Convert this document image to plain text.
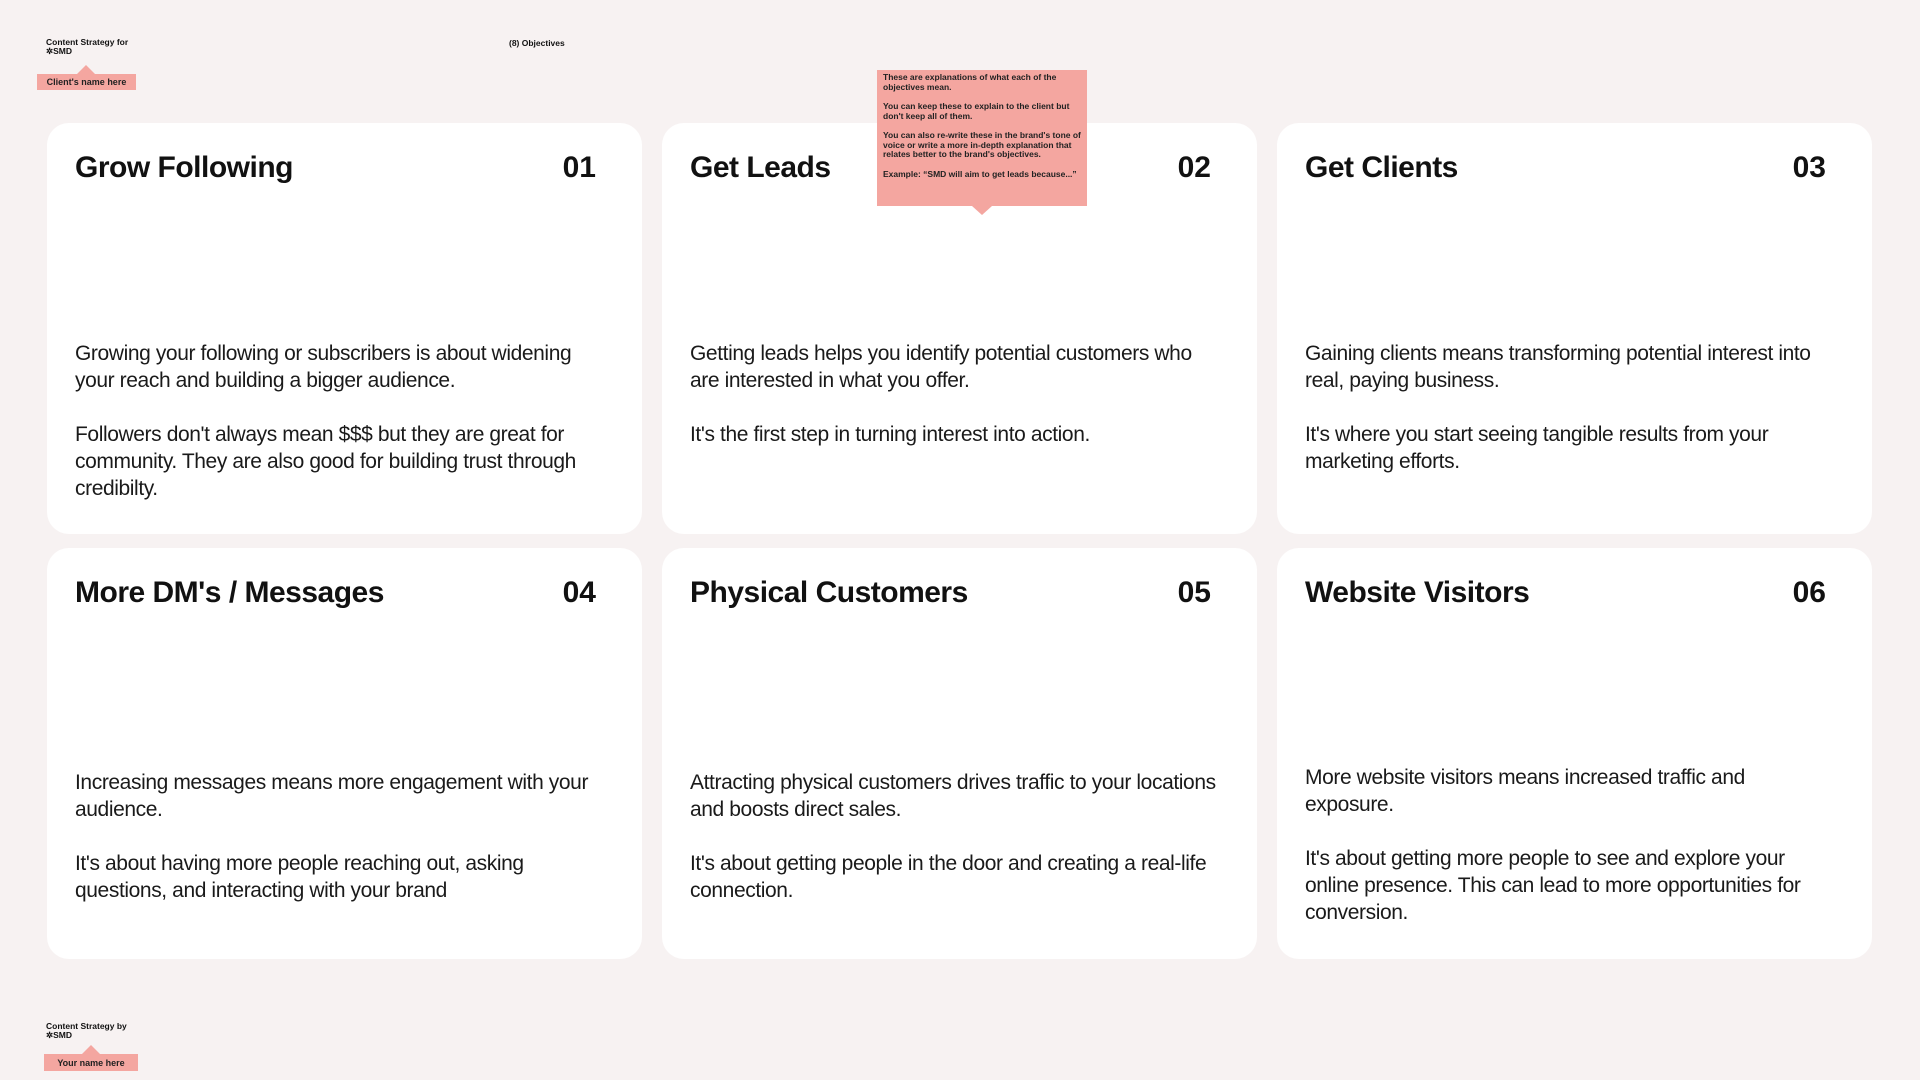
Content Strategy for
✲SMD
Client's name here
(8) Objectives
Grow Following	01

Growing your following or subscribers is about widening your reach and building a bigger audience.

Followers don't always mean $$$ but they are great for community. They are also good for building trust through credibilty.

Get Leads	02

Getting leads helps you identify potential customers who are interested in what you offer.

It's the first step in turning interest into action.

Get Clients	03

Gaining clients means transforming potential interest into real, paying business.

It's where you start seeing tangible results from your marketing efforts.

More DM's / Messages	04

Increasing messages means more engagement with your audience.

It's about having more people reaching out, asking questions, and interacting with your brand

Physical Customers	05

Attracting physical customers drives traffic to your locations and boosts direct sales.

It's about getting people in the door and creating a real-life connection.

Website Visitors	06

More website visitors means increased traffic and exposure.

It's about getting more people to see and explore your online presence. This can lead to more opportunities for conversion.

These are explanations of what each of the objectives mean.

You can keep these to explain to the client but don't keep all of them.

You can also re-write these in the brand's tone of voice or write a more in-depth explanation that relates better to the brand's objectives.

Example: “SMD will aim to get leads because...”

Content Strategy by
✲SMD
Your name here
